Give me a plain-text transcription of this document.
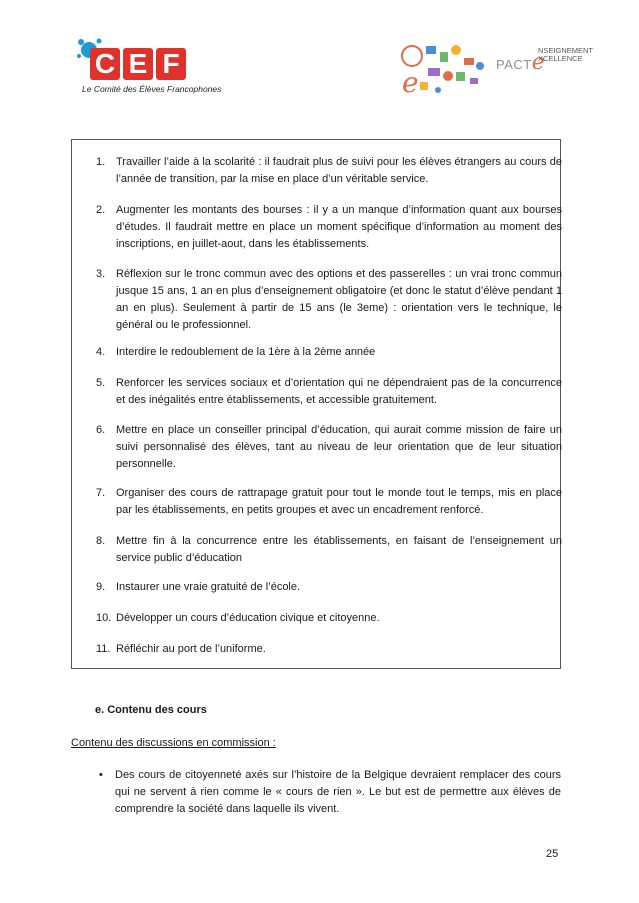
C E F
Le Comité des Élèves Francophones	e
PACTe
NSEIGNEMENT
XCELLENCE
1. Travailler l’aide à la scolarité : il faudrait plus de suivi pour les élèves étrangers au cours de l’année de transition, par la mise en place d’un véritable service.
2. Augmenter les montants des bourses : il y a un manque d’information quant aux bourses d’études. Il faudrait mettre en place un moment spécifique d’information au moment des inscriptions, en juillet-aout, dans les établissements.
3. Réflexion sur le tronc commun avec des options et des passerelles : un vrai tronc commun jusque 15 ans, 1 an en plus d’enseignement obligatoire (et donc le statut d’élève pendant 1 an en plus). Seulement à partir de 15 ans (le 3eme) : orientation vers le technique, le général ou le professionnel.
4. Interdire le redoublement de la 1ère à la 2ème année
5. Renforcer les services sociaux et d’orientation qui ne dépendraient pas de la concurrence et des inégalités entre établissements, et accessible gratuitement.
6. Mettre en place un conseiller principal d’éducation, qui aurait comme mission de faire un suivi personnalisé des élèves, tant au niveau de leur orientation que de leur situation personnelle.
7. Organiser des cours de rattrapage gratuit pour tout le monde tout le temps, mis en place par les établissements, en petits groupes et avec un encadrement renforcé.
8. Mettre fin à la concurrence entre les établissements, en faisant de l’enseignement un service public d’éducation
9. Instaurer une vraie gratuité de l’école.
10. Développer un cours d’éducation civique et citoyenne.
11. Réfléchir au port de l’uniforme.
e. Contenu des cours
Contenu des discussions en commission :
• Des cours de citoyenneté axés sur l’histoire de la Belgique devraient remplacer des cours qui ne servent à rien comme le « cours de rien ». Le but est de permettre aux élèves de comprendre la société dans laquelle ils vivent.
25
